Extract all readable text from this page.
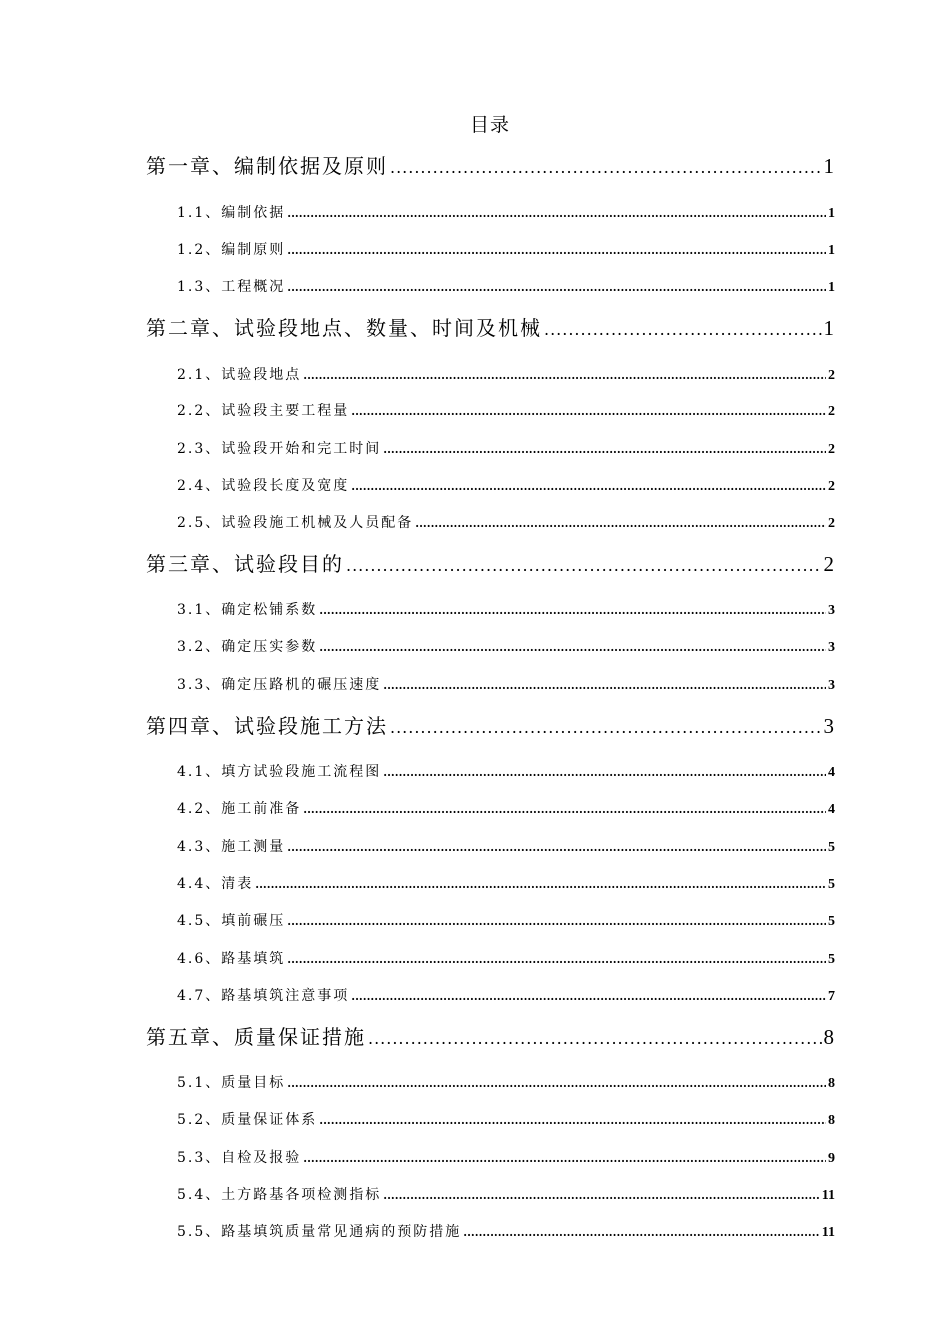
目录
第一章、编制依据及原则 .....	1
1.1、编制依据 .....	1
1.2、编制原则 .....	1
1.3、工程概况 .....	1
第二章、试验段地点、数量、时间及机械 .....	1
2.1、试验段地点 .....	2
2.2、试验段主要工程量 .....	2
2.3、试验段开始和完工时间 .....	2
2.4、试验段长度及宽度 .....	2
2.5、试验段施工机械及人员配备 .....	2
第三章、试验段目的 .....	2
3.1、确定松铺系数 .....	3
3.2、确定压实参数 .....	3
3.3、确定压路机的碾压速度 .....	3
第四章、试验段施工方法 .....	3
4.1、填方试验段施工流程图 .....	4
4.2、施工前准备 .....	4
4.3、施工测量 .....	5
4.4、清表 .....	5
4.5、填前碾压 .....	5
4.6、路基填筑 .....	5
4.7、路基填筑注意事项 .....	7
第五章、质量保证措施 .....	8
5.1、质量目标 .....	8
5.2、质量保证体系 .....	8
5.3、自检及报验 .....	9
5.4、土方路基各项检测指标 .....	11
5.5、路基填筑质量常见通病的预防措施 .....	11
